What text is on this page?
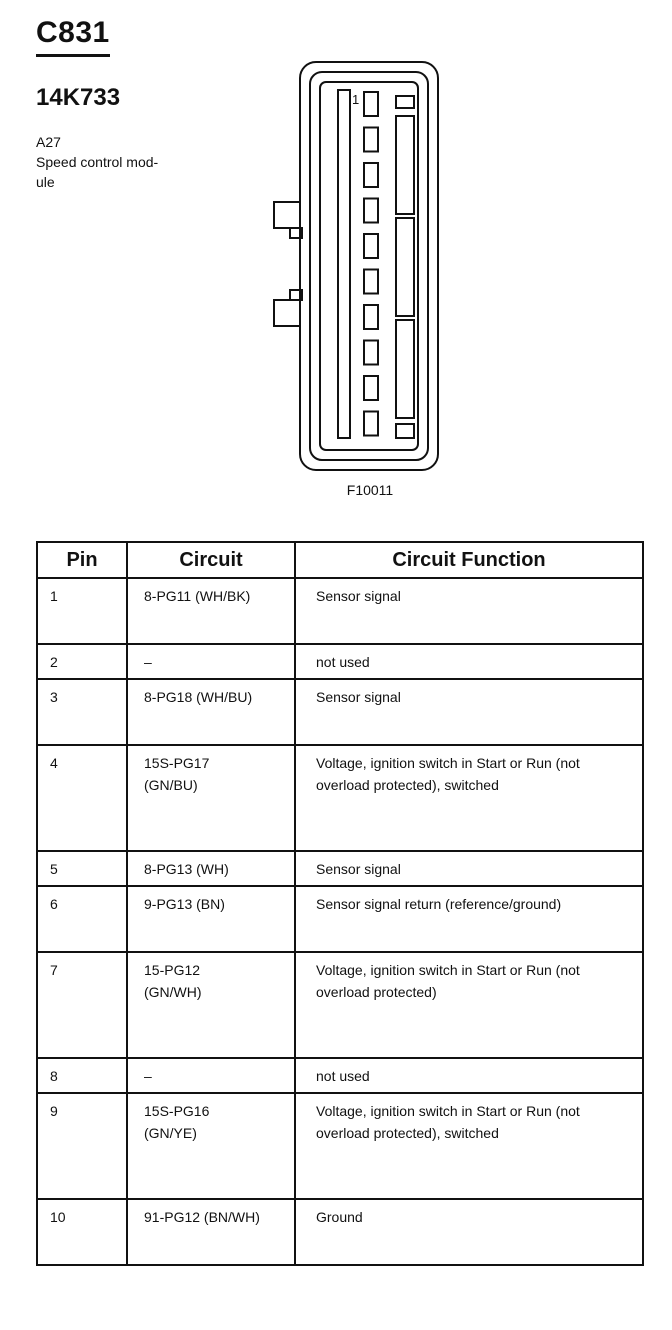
C831
14K733
A27
Speed control mod-
ule
1
F10011
Pin	Circuit	Circuit Function
1	8-PG11 (WH/BK)	Sensor signal
2	–	not used
3	8-PG18 (WH/BU)	Sensor signal
4	15S-PG17
(GN/BU)	Voltage, ignition switch in Start or Run (not overload protected), switched
5	8-PG13 (WH)	Sensor signal
6	9-PG13 (BN)	Sensor signal return (reference/ground)
7	15-PG12
(GN/WH)	Voltage, ignition switch in Start or Run (not overload protected)
8	–	not used
9	15S-PG16
(GN/YE)	Voltage, ignition switch in Start or Run (not overload protected), switched
10	91-PG12 (BN/WH)	Ground
